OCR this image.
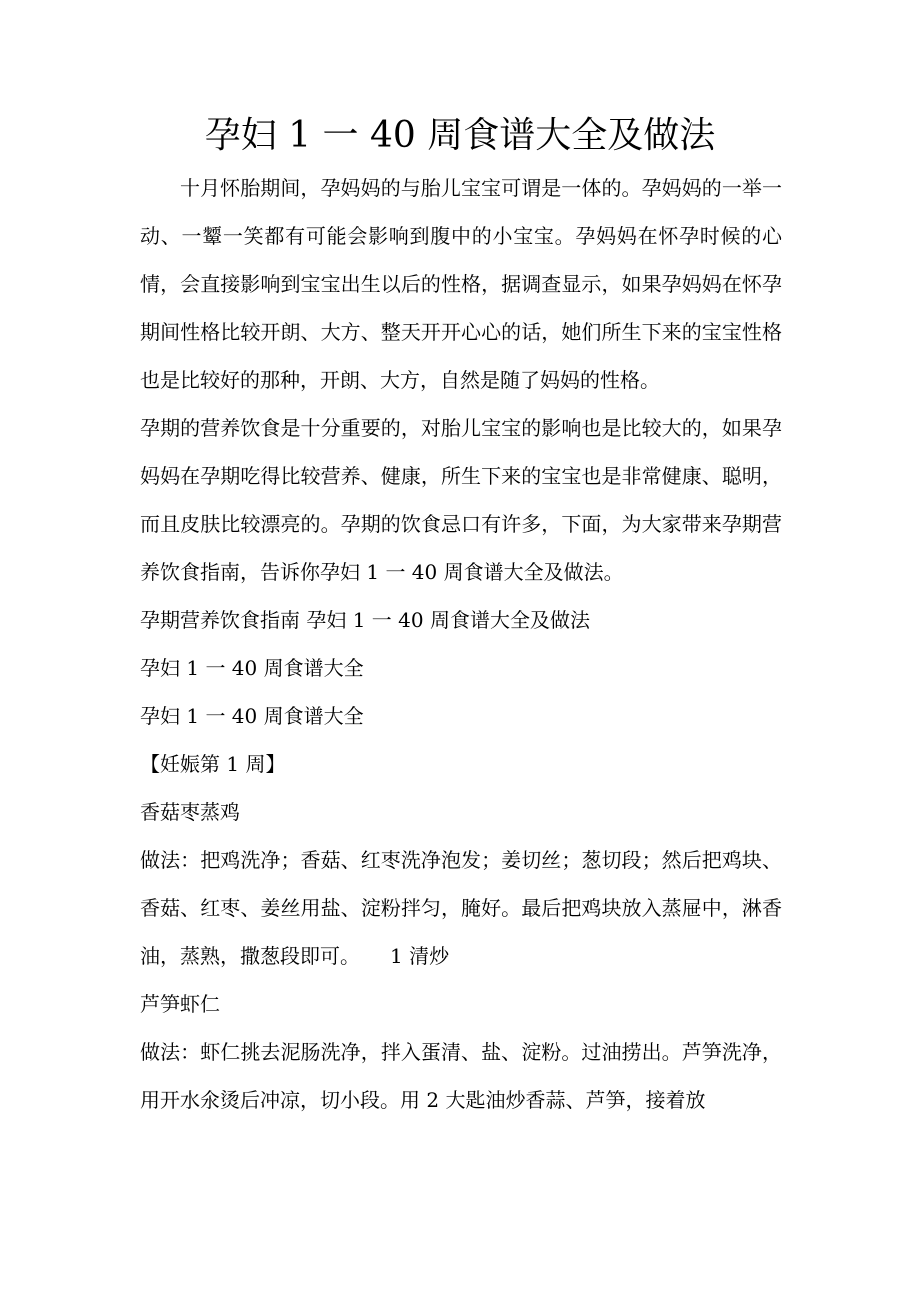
孕妇 1 一 40 周食谱大全及做法

十月怀胎期间，孕妈妈的与胎儿宝宝可谓是一体的。孕妈妈的一举一动、一颦一笑都有可能会影响到腹中的小宝宝。孕妈妈在怀孕时候的心情，会直接影响到宝宝出生以后的性格，据调查显示，如果孕妈妈在怀孕期间性格比较开朗、大方、整天开开心心的话，她们所生下来的宝宝性格也是比较好的那种，开朗、大方，自然是随了妈妈的性格。

孕期的营养饮食是十分重要的，对胎儿宝宝的影响也是比较大的，如果孕妈妈在孕期吃得比较营养、健康，所生下来的宝宝也是非常健康、聪明，而且皮肤比较漂亮的。孕期的饮食忌口有许多，下面，为大家带来孕期营养饮食指南，告诉你孕妇 1 一 40 周食谱大全及做法。

孕期营养饮食指南 孕妇 1 一 40 周食谱大全及做法

孕妇 1 一 40 周食谱大全

孕妇 1 一 40 周食谱大全

【妊娠第 1 周】

香菇枣蒸鸡

做法：把鸡洗净；香菇、红枣洗净泡发；姜切丝；葱切段；然后把鸡块、香菇、红枣、姜丝用盐、淀粉拌匀，腌好。最后把鸡块放入蒸屉中，淋香油，蒸熟，撒葱段即可。　　1 清炒

芦笋虾仁

做法：虾仁挑去泥肠洗净，拌入蛋清、盐、淀粉。过油捞出。芦笋洗净，用开水氽烫后冲凉，切小段。用 2 大匙油炒香蒜、芦笋，接着放
